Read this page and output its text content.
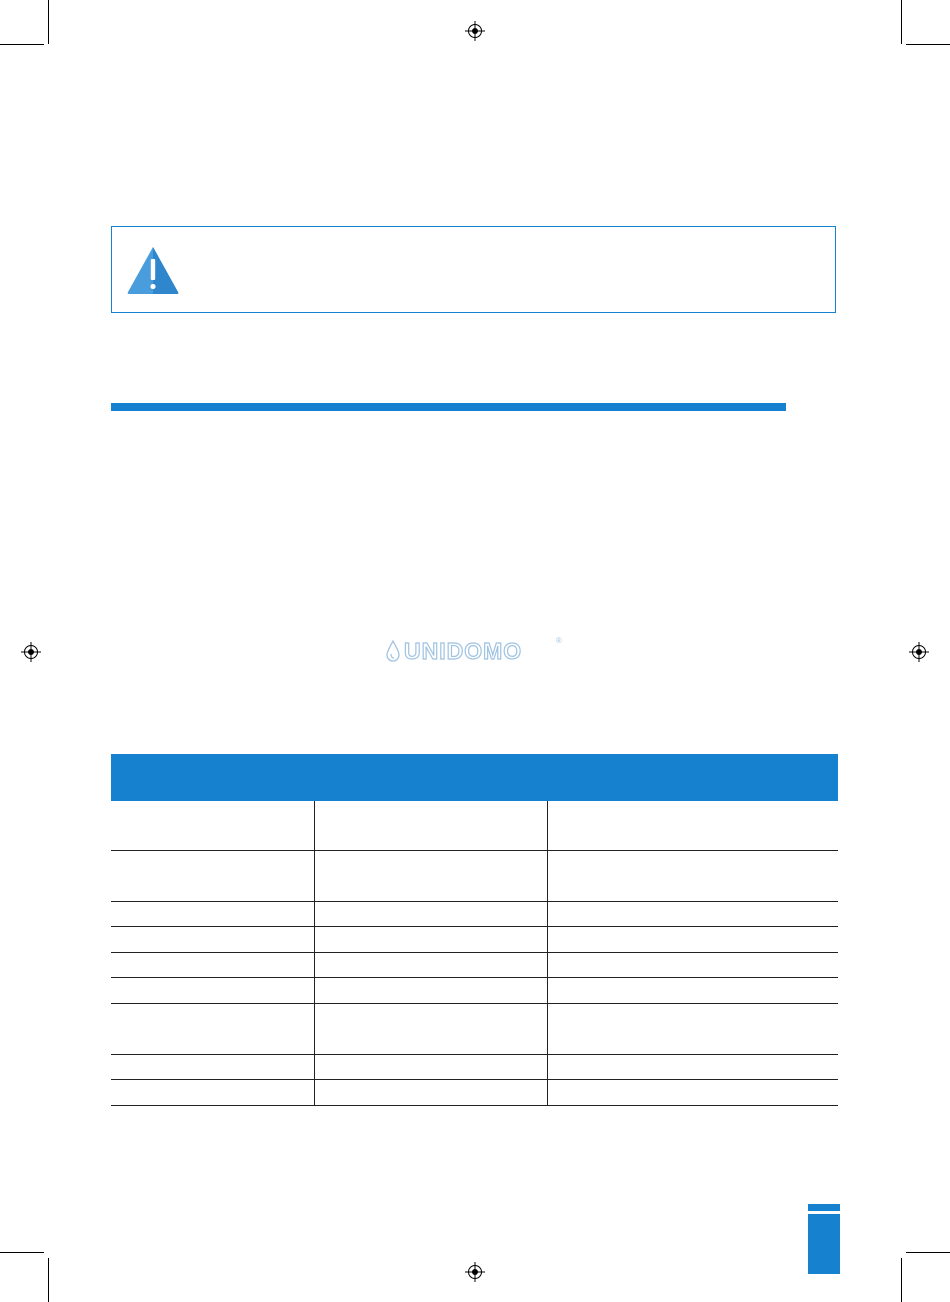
UNIDOMO	®
